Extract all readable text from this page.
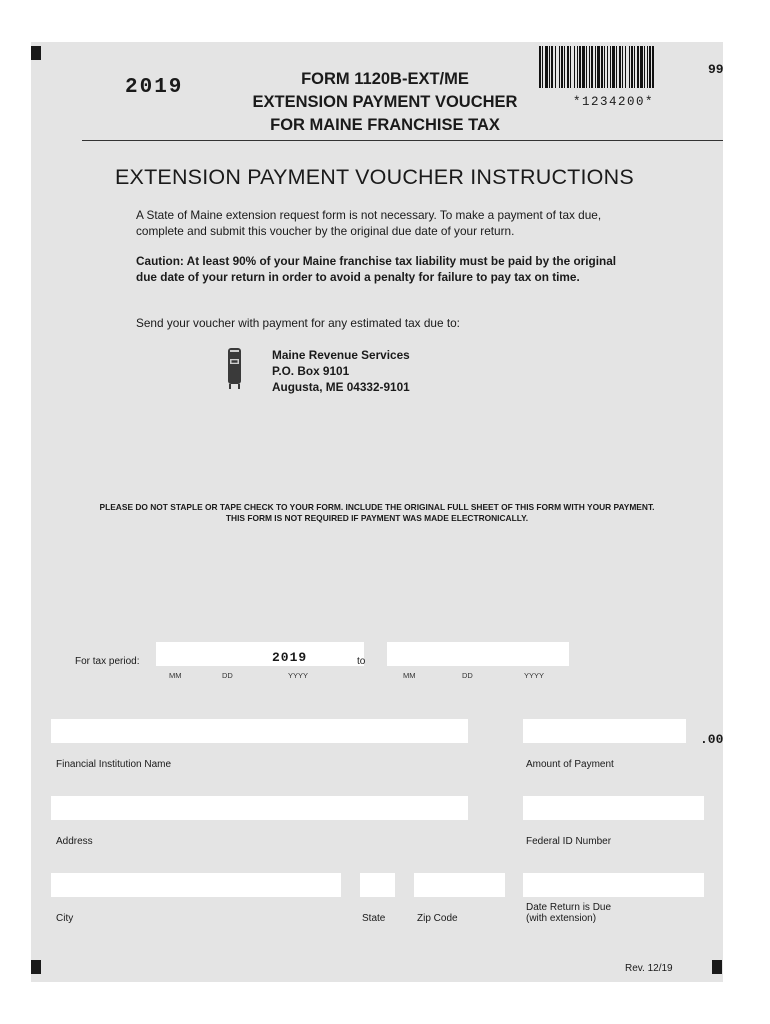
2019	FORM 1120B-EXT/ME
EXTENSION PAYMENT VOUCHER
FOR MAINE FRANCHISE TAX
*1234200*
99
EXTENSION PAYMENT VOUCHER INSTRUCTIONS
A State of Maine extension request form is not necessary. To make a payment of tax due,
complete and submit this voucher by the original due date of your return.
Caution: At least 90% of your Maine franchise tax liability must be paid by the original
due date of your return in order to avoid a penalty for failure to pay tax on time.
Send your voucher with payment for any estimated tax due to:
Maine Revenue Services
P.O. Box 9101
Augusta, ME 04332-9101
PLEASE DO NOT STAPLE OR TAPE CHECK TO YOUR FORM. INCLUDE THE ORIGINAL FULL SHEET OF THIS FORM WITH YOUR PAYMENT.
THIS FORM IS NOT REQUIRED IF PAYMENT WAS MADE ELECTRONICALLY.
For tax period:	2019
MM	DD	YYYY
to
MM	DD	YYYY
.00
Financial Institution Name	Amount of Payment
Address	Federal ID Number
City	State	Zip Code
Date Return is Due
(with extension)
Rev. 12/19
